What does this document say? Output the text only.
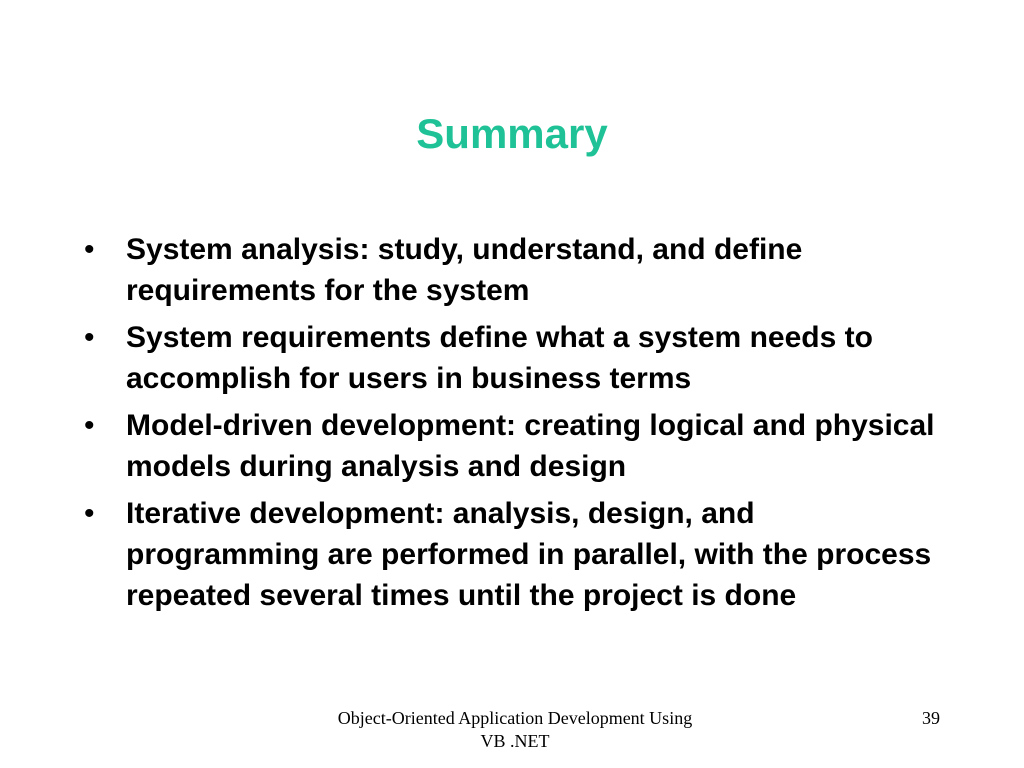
Summary
• System analysis: study, understand, and define requirements for the system
• System requirements define what a system needs to accomplish for users in business terms
• Model-driven development: creating logical and physical models during analysis and design
• Iterative development: analysis, design, and programming are performed in parallel, with the process repeated several times until the project is done
Object-Oriented Application Development Using
VB .NET
39
